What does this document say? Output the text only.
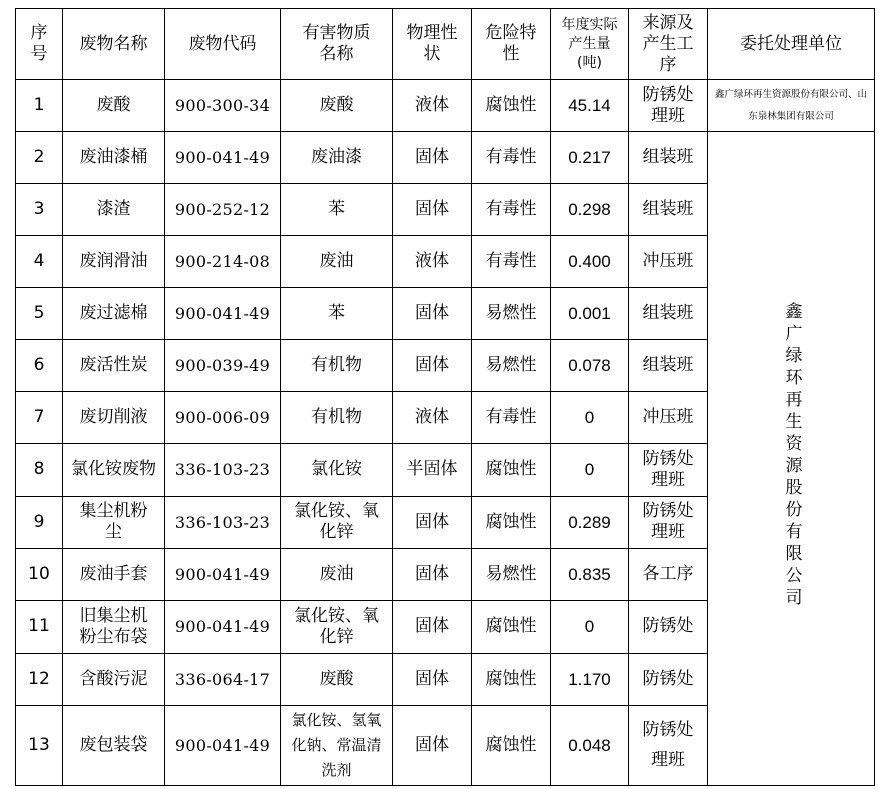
序号	废物名称	废物代码	有害物质名称	物理性状	危险特性	年度实际产生量(吨)	来源及产生工序	委托处理单位
1	废酸	900-300-34	废酸	液体	腐蚀性	45.14	防锈处理班	鑫广绿环再生资源股份有限公司、山东泉林集团有限公司
2	废油漆桶	900-041-49	废油漆	固体	有毒性	0.217	组装班	鑫广绿环再生资源股份有限公司
3	漆渣	900-252-12	苯	固体	有毒性	0.298	组装班	
4	废润滑油	900-214-08	废油	液体	有毒性	0.400	冲压班	
5	废过滤棉	900-041-49	苯	固体	易燃性	0.001	组装班	
6	废活性炭	900-039-49	有机物	固体	易燃性	0.078	组装班	
7	废切削液	900-006-09	有机物	液体	有毒性	0	冲压班	
8	氯化铵废物	336-103-23	氯化铵	半固体	腐蚀性	0	防锈处理班	
9	集尘机粉尘	336-103-23	氯化铵、氧化锌	固体	腐蚀性	0.289	防锈处理班	
10	废油手套	900-041-49	废油	固体	易燃性	0.835	各工序	
11	旧集尘机粉尘布袋	900-041-49	氯化铵、氧化锌	固体	腐蚀性	0	防锈处	
12	含酸污泥	336-064-17	废酸	固体	腐蚀性	1.170	防锈处	
13	废包装袋	900-041-49	氯化铵、氢氧化钠、常温清洗剂	固体	腐蚀性	0.048	防锈处理班	
